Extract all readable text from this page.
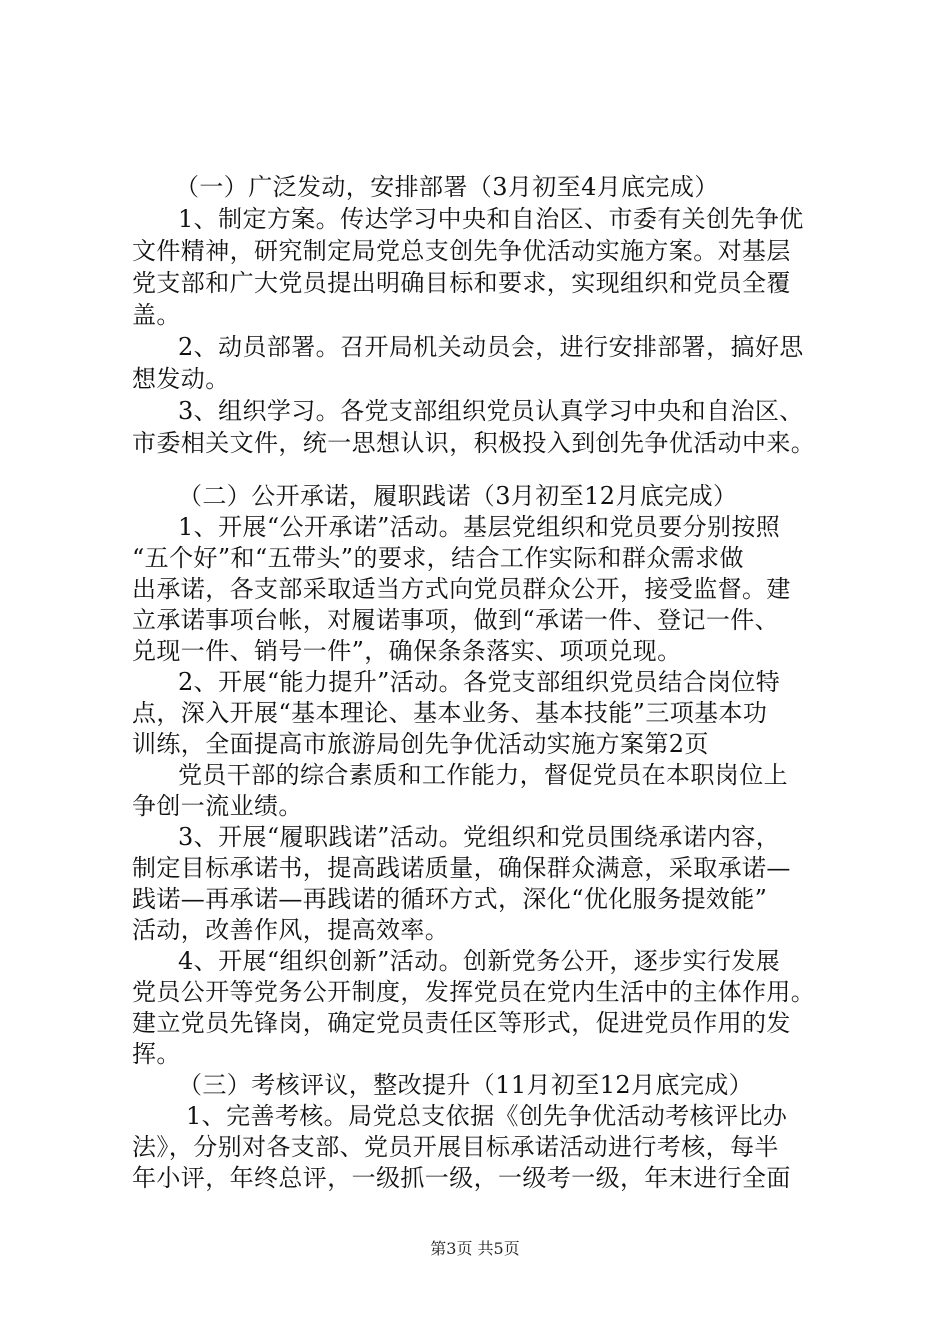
（一）广泛发动，安排部署（3月初至4月底完成）
1、制定方案。传达学习中央和自治区、市委有关创先争优
文件精神，研究制定局党总支创先争优活动实施方案。对基层
党支部和广大党员提出明确目标和要求，实现组织和党员全覆
盖。
2、动员部署。召开局机关动员会，进行安排部署，搞好思
想发动。
3、组织学习。各党支部组织党员认真学习中央和自治区、
市委相关文件，统一思想认识，积极投入到创先争优活动中来。
（二）公开承诺，履职践诺（3月初至12月底完成）
1、开展“公开承诺”活动。基层党组织和党员要分别按照
“五个好”和“五带头”的要求，结合工作实际和群众需求做
出承诺，各支部采取适当方式向党员群众公开，接受监督。建
立承诺事项台帐，对履诺事项，做到“承诺一件、登记一件、
兑现一件、销号一件”，确保条条落实、项项兑现。
2、开展“能力提升”活动。各党支部组织党员结合岗位特
点，深入开展“基本理论、基本业务、基本技能”三项基本功
训练，全面提高市旅游局创先争优活动实施方案第2页
党员干部的综合素质和工作能力，督促党员在本职岗位上
争创一流业绩。
3、开展“履职践诺”活动。党组织和党员围绕承诺内容，
制定目标承诺书，提高践诺质量，确保群众满意，采取承诺—
践诺—再承诺—再践诺的循环方式，深化“优化服务提效能”
活动，改善作风，提高效率。
4、开展“组织创新”活动。创新党务公开，逐步实行发展
党员公开等党务公开制度，发挥党员在党内生活中的主体作用。
建立党员先锋岗，确定党员责任区等形式，促进党员作用的发
挥。
（三）考核评议，整改提升（11月初至12月底完成）
1、完善考核。局党总支依据《创先争优活动考核评比办
法》，分别对各支部、党员开展目标承诺活动进行考核，每半
年小评，年终总评，一级抓一级，一级考一级，年末进行全面
第3页 共5页
